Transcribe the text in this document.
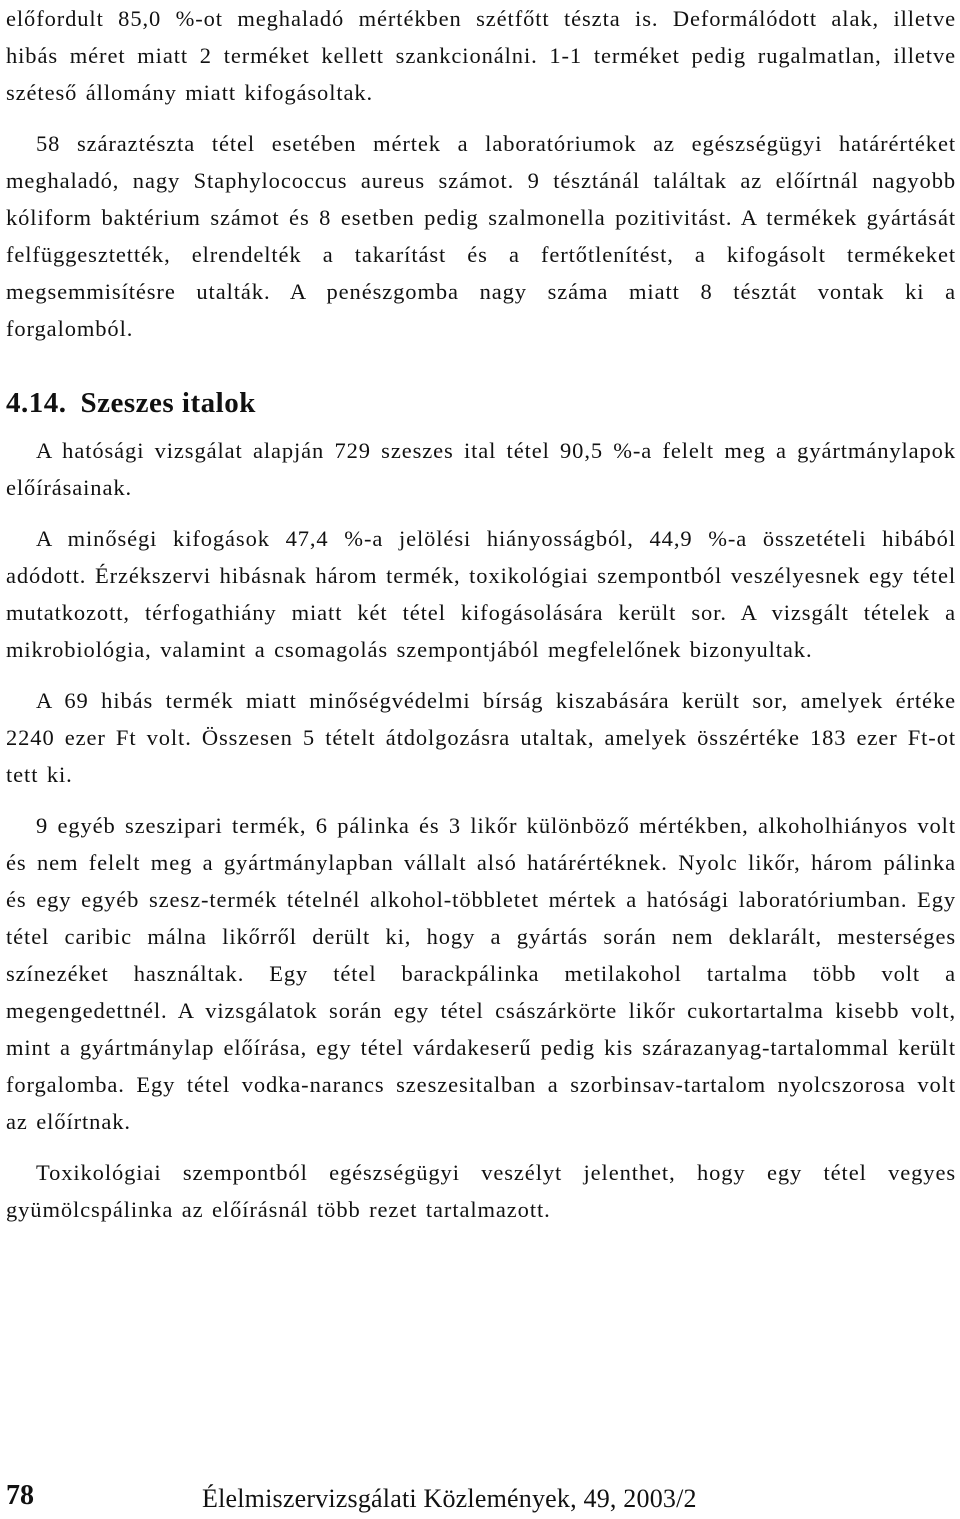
előfordult 85,0 %-ot meghaladó mértékben szétfőtt tészta is. Deformálódott alak, illetve hibás méret miatt 2 terméket kellett szankcionálni. 1-1 terméket pedig rugalmatlan, illetve széteső állomány miatt kifogásoltak.

58 száraztészta tétel esetében mértek a laboratóriumok az egészségügyi határértéket meghaladó, nagy Staphylococcus aureus számot. 9 tésztánál találtak az előírtnál nagyobb kóliform baktérium számot és 8 esetben pedig szalmonella pozitivitást. A termékek gyártását felfüggesztették, elrendelték a takarítást és a fertőtlenítést, a kifogásolt termékeket megsemmisítésre utalták. A penészgomba nagy száma miatt 8 tésztát vontak ki a forgalomból.

4.14. Szeszes italok

A hatósági vizsgálat alapján 729 szeszes ital tétel 90,5 %-a felelt meg a gyártmánylapok előírásainak.

A minőségi kifogások 47,4 %-a jelölési hiányosságból, 44,9 %-a összetételi hibából adódott. Érzékszervi hibásnak három termék, toxikológiai szempontból veszélyesnek egy tétel mutatkozott, térfogathiány miatt két tétel kifogásolására került sor. A vizsgált tételek a mikrobiológia, valamint a csomagolás szempontjából megfelelőnek bizonyultak.

A 69 hibás termék miatt minőségvédelmi bírság kiszabására került sor, amelyek értéke 2240 ezer Ft volt. Összesen 5 tételt átdolgozásra utaltak, amelyek összértéke 183 ezer Ft-ot tett ki.

9 egyéb szeszipari termék, 6 pálinka és 3 likőr különböző mértékben, alkoholhiányos volt és nem felelt meg a gyártmánylapban vállalt alsó határértéknek. Nyolc likőr, három pálinka és egy egyéb szesz-termék tételnél alkohol-többletet mértek a hatósági laboratóriumban. Egy tétel caribic málna likőrről derült ki, hogy a gyártás során nem deklarált, mesterséges színezéket használtak. Egy tétel barackpálinka metilakohol tartalma több volt a megengedettnél. A vizsgálatok során egy tétel császárkörte likőr cukortartalma kisebb volt, mint a gyártmánylap előírása, egy tétel várdakeserű pedig kis szárazanyag-tartalommal került forgalomba. Egy tétel vodka-narancs szeszesitalban a szorbinsav-tartalom nyolcszorosa volt az előírtnak.

Toxikológiai szempontból egészségügyi veszélyt jelenthet, hogy egy tétel vegyes gyümölcspálinka az előírásnál több rezet tartalmazott.

78	Élelmiszervizsgálati Közlemények, 49, 2003/2
